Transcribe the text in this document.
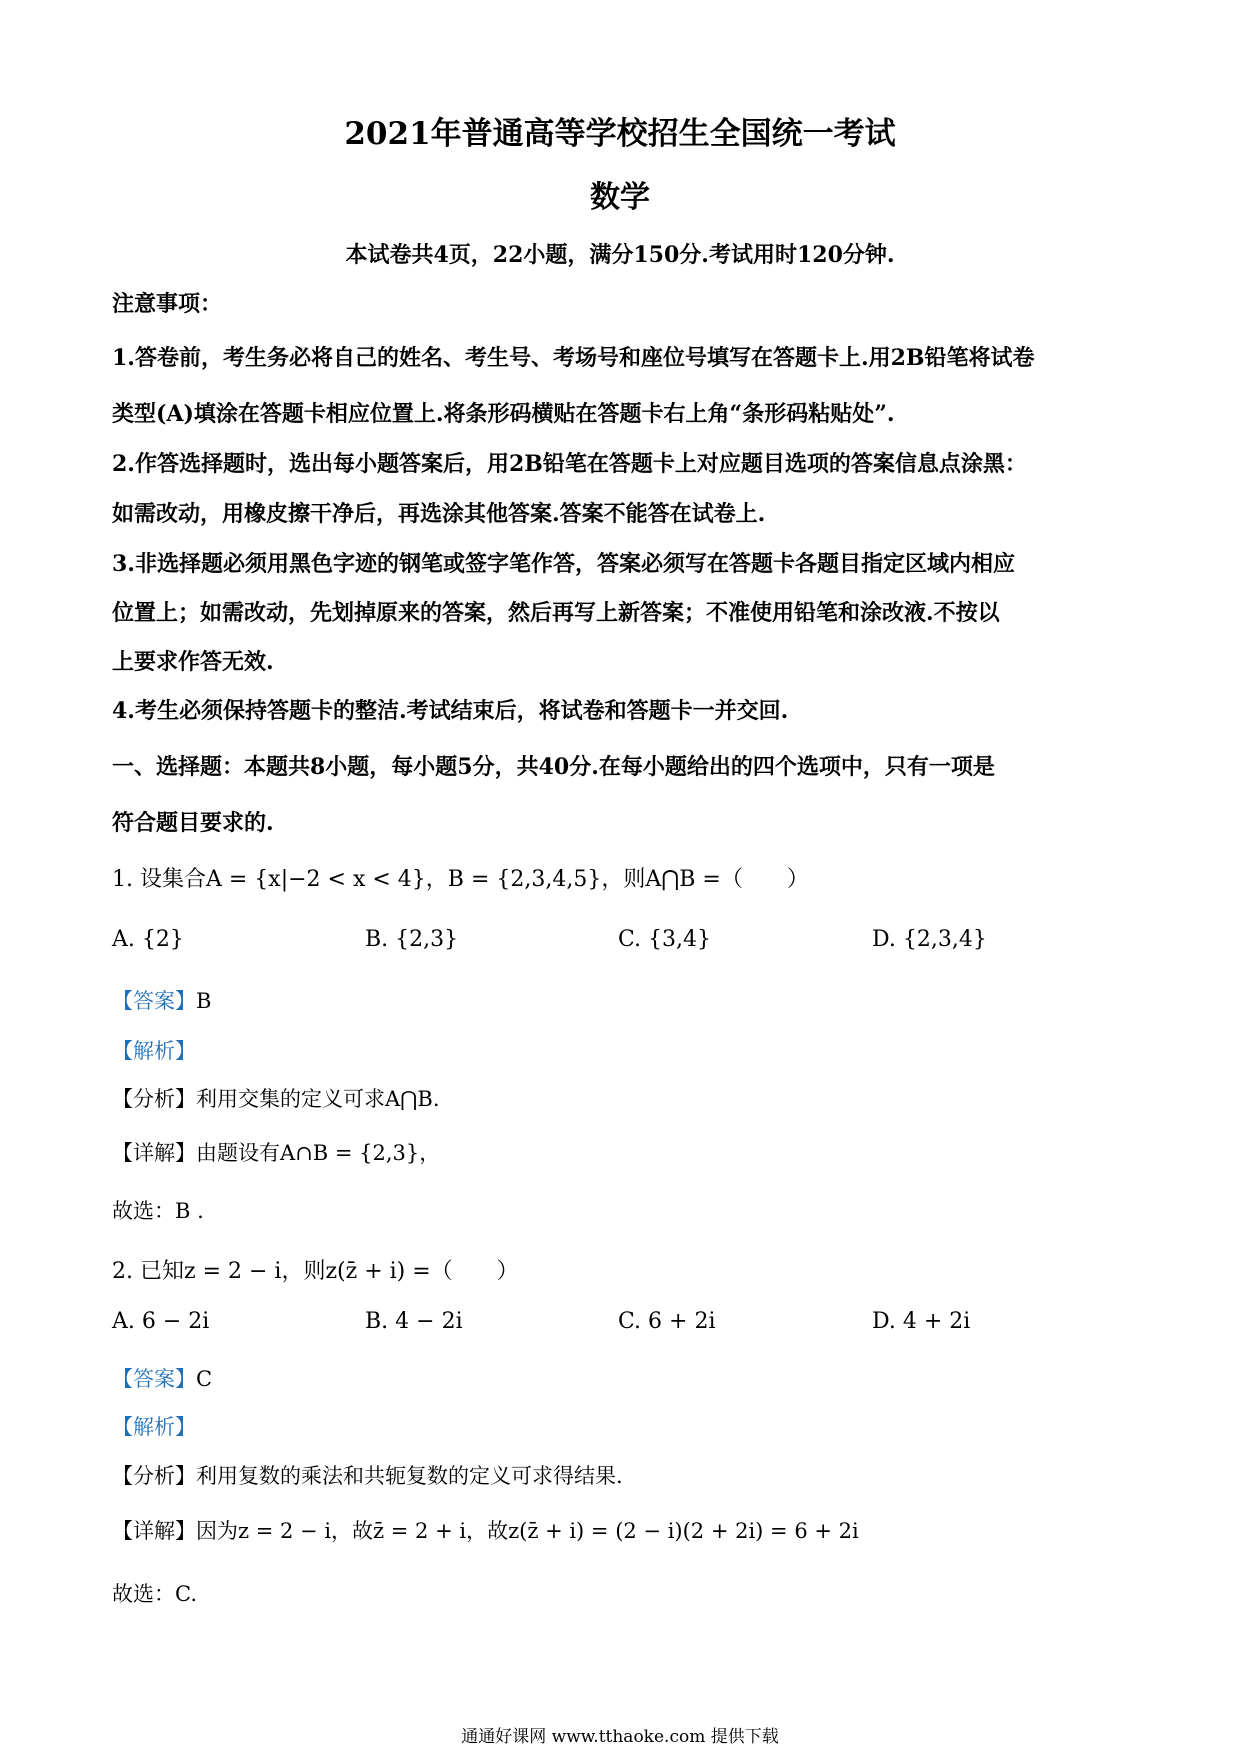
2021年普通高等学校招生全国统一考试
数学
本试卷共4页，22小题，满分150分.考试用时120分钟.
注意事项：
1.答卷前，考生务必将自己的姓名、考生号、考场号和座位号填写在答题卡上.用2B铅笔将试卷
类型(A)填涂在答题卡相应位置上.将条形码横贴在答题卡右上角“条形码粘贴处”.
2.作答选择题时，选出每小题答案后，用2B铅笔在答题卡上对应题目选项的答案信息点涂黑：
如需改动，用橡皮擦干净后，再选涂其他答案.答案不能答在试卷上.
3.非选择题必须用黑色字迹的钢笔或签字笔作答，答案必须写在答题卡各题目指定区域内相应
位置上；如需改动，先划掉原来的答案，然后再写上新答案；不准使用铅笔和涂改液.不按以
上要求作答无效.
4.考生必须保持答题卡的整洁.考试结束后，将试卷和答题卡一并交回.
一、选择题：本题共8小题，每小题5分，共40分.在每小题给出的四个选项中，只有一项是
符合题目要求的.
1. 设集合A = {x|−2 < x < 4}，B = {2,3,4,5}，则A⋂B =（　　）
A. {2}	B. {2,3}	C. {3,4}	D. {2,3,4}
【答案】B
【解析】
【分析】利用交集的定义可求A⋂B.
【详解】由题设有A∩B = {2,3}，
故选：B .
2. 已知z = 2 − i，则z(z̄ + i) =（　　）
A. 6 − 2i	B. 4 − 2i	C. 6 + 2i	D. 4 + 2i
【答案】C
【解析】
【分析】利用复数的乘法和共轭复数的定义可求得结果.
【详解】因为z = 2 − i，故z̄ = 2 + i，故z(z̄ + i) = (2 − i)(2 + 2i) = 6 + 2i
故选：C.
通通好课网 www.tthaoke.com 提供下载
